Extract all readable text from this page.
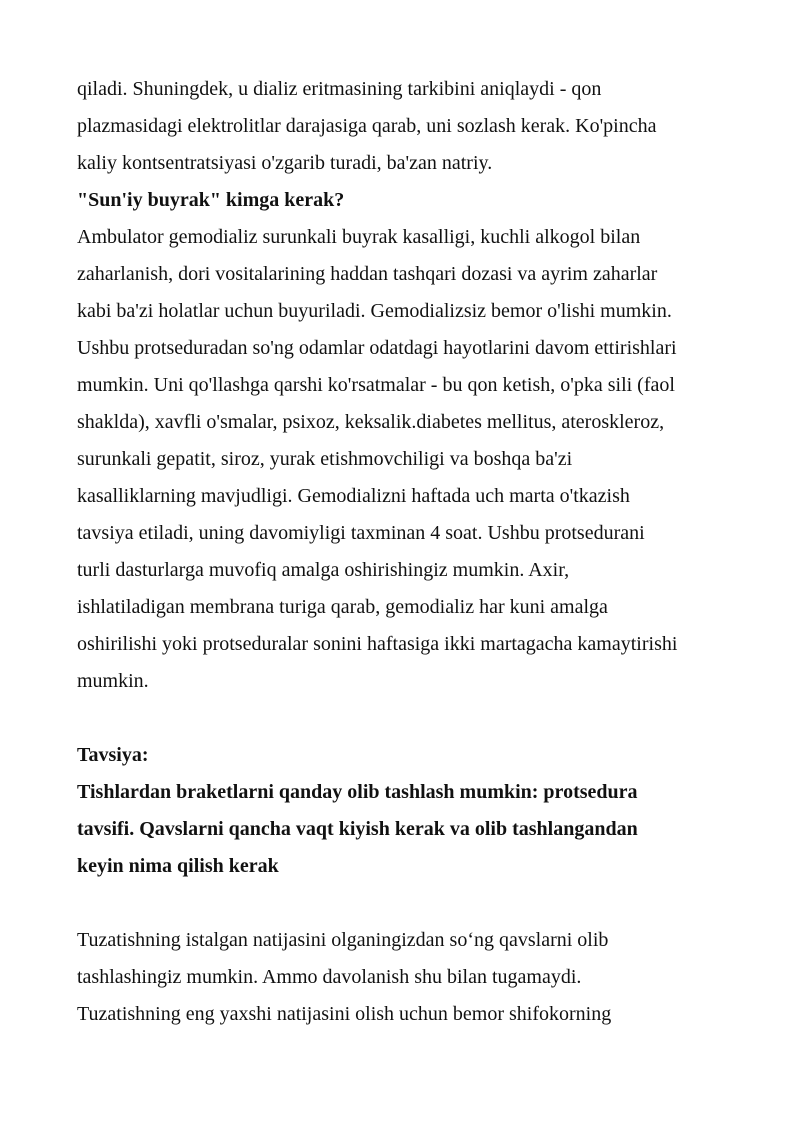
qiladi. Shuningdek, u dializ eritmasining tarkibini aniqlaydi - qon
plazmasidagi elektrolitlar darajasiga qarab, uni sozlash kerak. Ko'pincha
kaliy kontsentratsiyasi o'zgarib turadi, ba'zan natriy.
"Sun'iy buyrak" kimga kerak?
Ambulator gemodializ surunkali buyrak kasalligi, kuchli alkogol bilan
zaharlanish, dori vositalarining haddan tashqari dozasi va ayrim zaharlar
kabi ba'zi holatlar uchun buyuriladi. Gemodializsiz bemor o'lishi mumkin.
Ushbu protseduradan so'ng odamlar odatdagi hayotlarini davom ettirishlari
mumkin. Uni qo'llashga qarshi ko'rsatmalar - bu qon ketish, o'pka sili (faol
shaklda), xavfli o'smalar, psixoz, keksalik.diabetes mellitus, ateroskleroz,
surunkali gepatit, siroz, yurak etishmovchiligi va boshqa ba'zi
kasalliklarning mavjudligi. Gemodializni haftada uch marta o'tkazish
tavsiya etiladi, uning davomiyligi taxminan 4 soat. Ushbu protsedurani
turli dasturlarga muvofiq amalga oshirishingiz mumkin. Axir,
ishlatiladigan membrana turiga qarab, gemodializ har kuni amalga
oshirilishi yoki protseduralar sonini haftasiga ikki martagacha kamaytirishi
mumkin.
Tavsiya:
Tishlardan braketlarni qanday olib tashlash mumkin: protsedura
tavsifi. Qavslarni qancha vaqt kiyish kerak va olib tashlangandan
keyin nima qilish kerak
Tuzatishning istalgan natijasini olganingizdan so‘ng qavslarni olib
tashlashingiz mumkin. Ammo davolanish shu bilan tugamaydi.
Tuzatishning eng yaxshi natijasini olish uchun bemor shifokorning
